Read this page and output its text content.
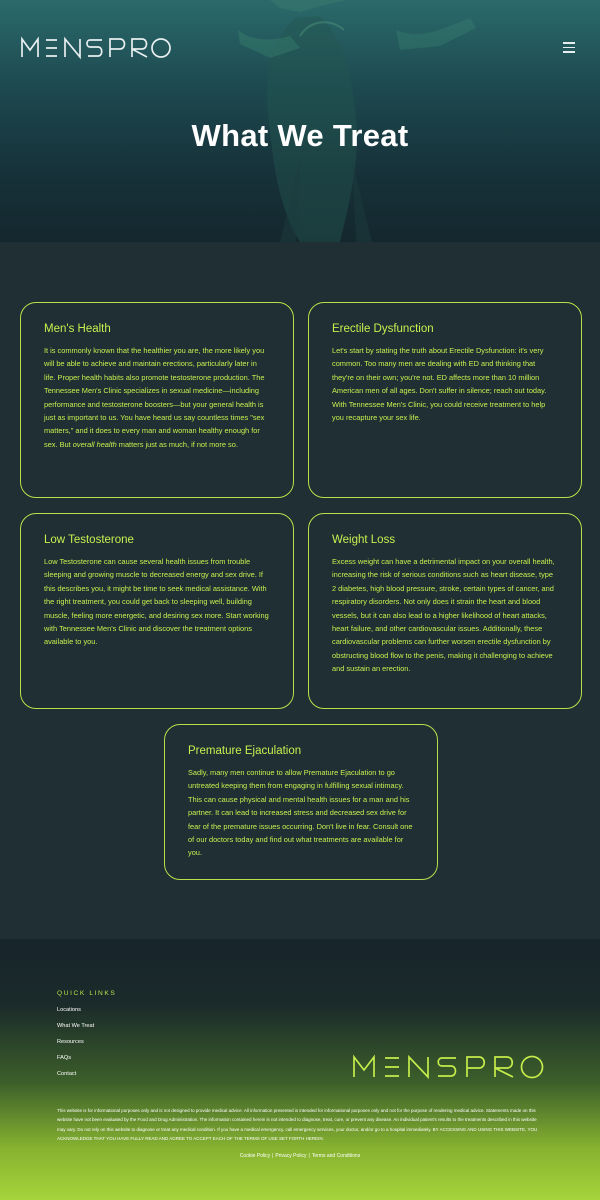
What We Treat
Men's Health

It is commonly known that the healthier you are, the more likely you will be able to achieve and maintain erections, particularly later in life. Proper health habits also promote testosterone production. The Tennessee Men's Clinic specializes in sexual medicine—including performance and testosterone boosters—but your general health is just as important to us. You have heard us say countless times "sex matters," and it does to every man and woman healthy enough for sex. But overall health matters just as much, if not more so.

Erectile Dysfunction

Let's start by stating the truth about Erectile Dysfunction: it's very common. Too many men are dealing with ED and thinking that they're on their own; you're not. ED affects more than 10 million American men of all ages. Don't suffer in silence; reach out today. With Tennessee Men's Clinic, you could receive treatment to help you recapture your sex life.

Low Testosterone

Low Testosterone can cause several health issues from trouble sleeping and growing muscle to decreased energy and sex drive. If this describes you, it might be time to seek medical assistance. With the right treatment, you could get back to sleeping well, building muscle, feeling more energetic, and desiring sex more. Start working with Tennessee Men's Clinic and discover the treatment options available to you.

Weight Loss

Excess weight can have a detrimental impact on your overall health, increasing the risk of serious conditions such as heart disease, type 2 diabetes, high blood pressure, stroke, certain types of cancer, and respiratory disorders. Not only does it strain the heart and blood vessels, but it can also lead to a higher likelihood of heart attacks, heart failure, and other cardiovascular issues. Additionally, these cardiovascular problems can further worsen erectile dysfunction by obstructing blood flow to the penis, making it challenging to achieve and sustain an erection.

Premature Ejaculation

Sadly, many men continue to allow Premature Ejaculation to go untreated keeping them from engaging in fulfilling sexual intimacy. This can cause physical and mental health issues for a man and his partner. It can lead to increased stress and decreased sex drive for fear of the premature issues occurring. Don't live in fear. Consult one of our doctors today and find out what treatments are available for you.

QUICK LINKS
Locations
What We Treat
Resources
FAQs
Contact

This website is for informational purposes only and is not designed to provide medical advice. All information presented is intended for informational purposes only and not for the purpose of rendering medical advice. Statements made on this website have not been evaluated by the Food and Drug Administration. The information contained herein is not intended to diagnose, treat, cure, or prevent any disease. An individual patient's results to the treatments described in this website may vary. Do not rely on this website to diagnose or treat any medical condition. If you have a medical emergency, call emergency services, your doctor, and/or go to a hospital immediately. BY ACCESSING AND USING THIS WEBSITE, YOU ACKNOWLEDGE THAT YOU HAVE FULLY READ AND AGREE TO ACCEPT EACH OF THE TERMS OF USE SET FORTH HEREIN.

Cookie Policy | Privacy Policy | Terms and Conditions
